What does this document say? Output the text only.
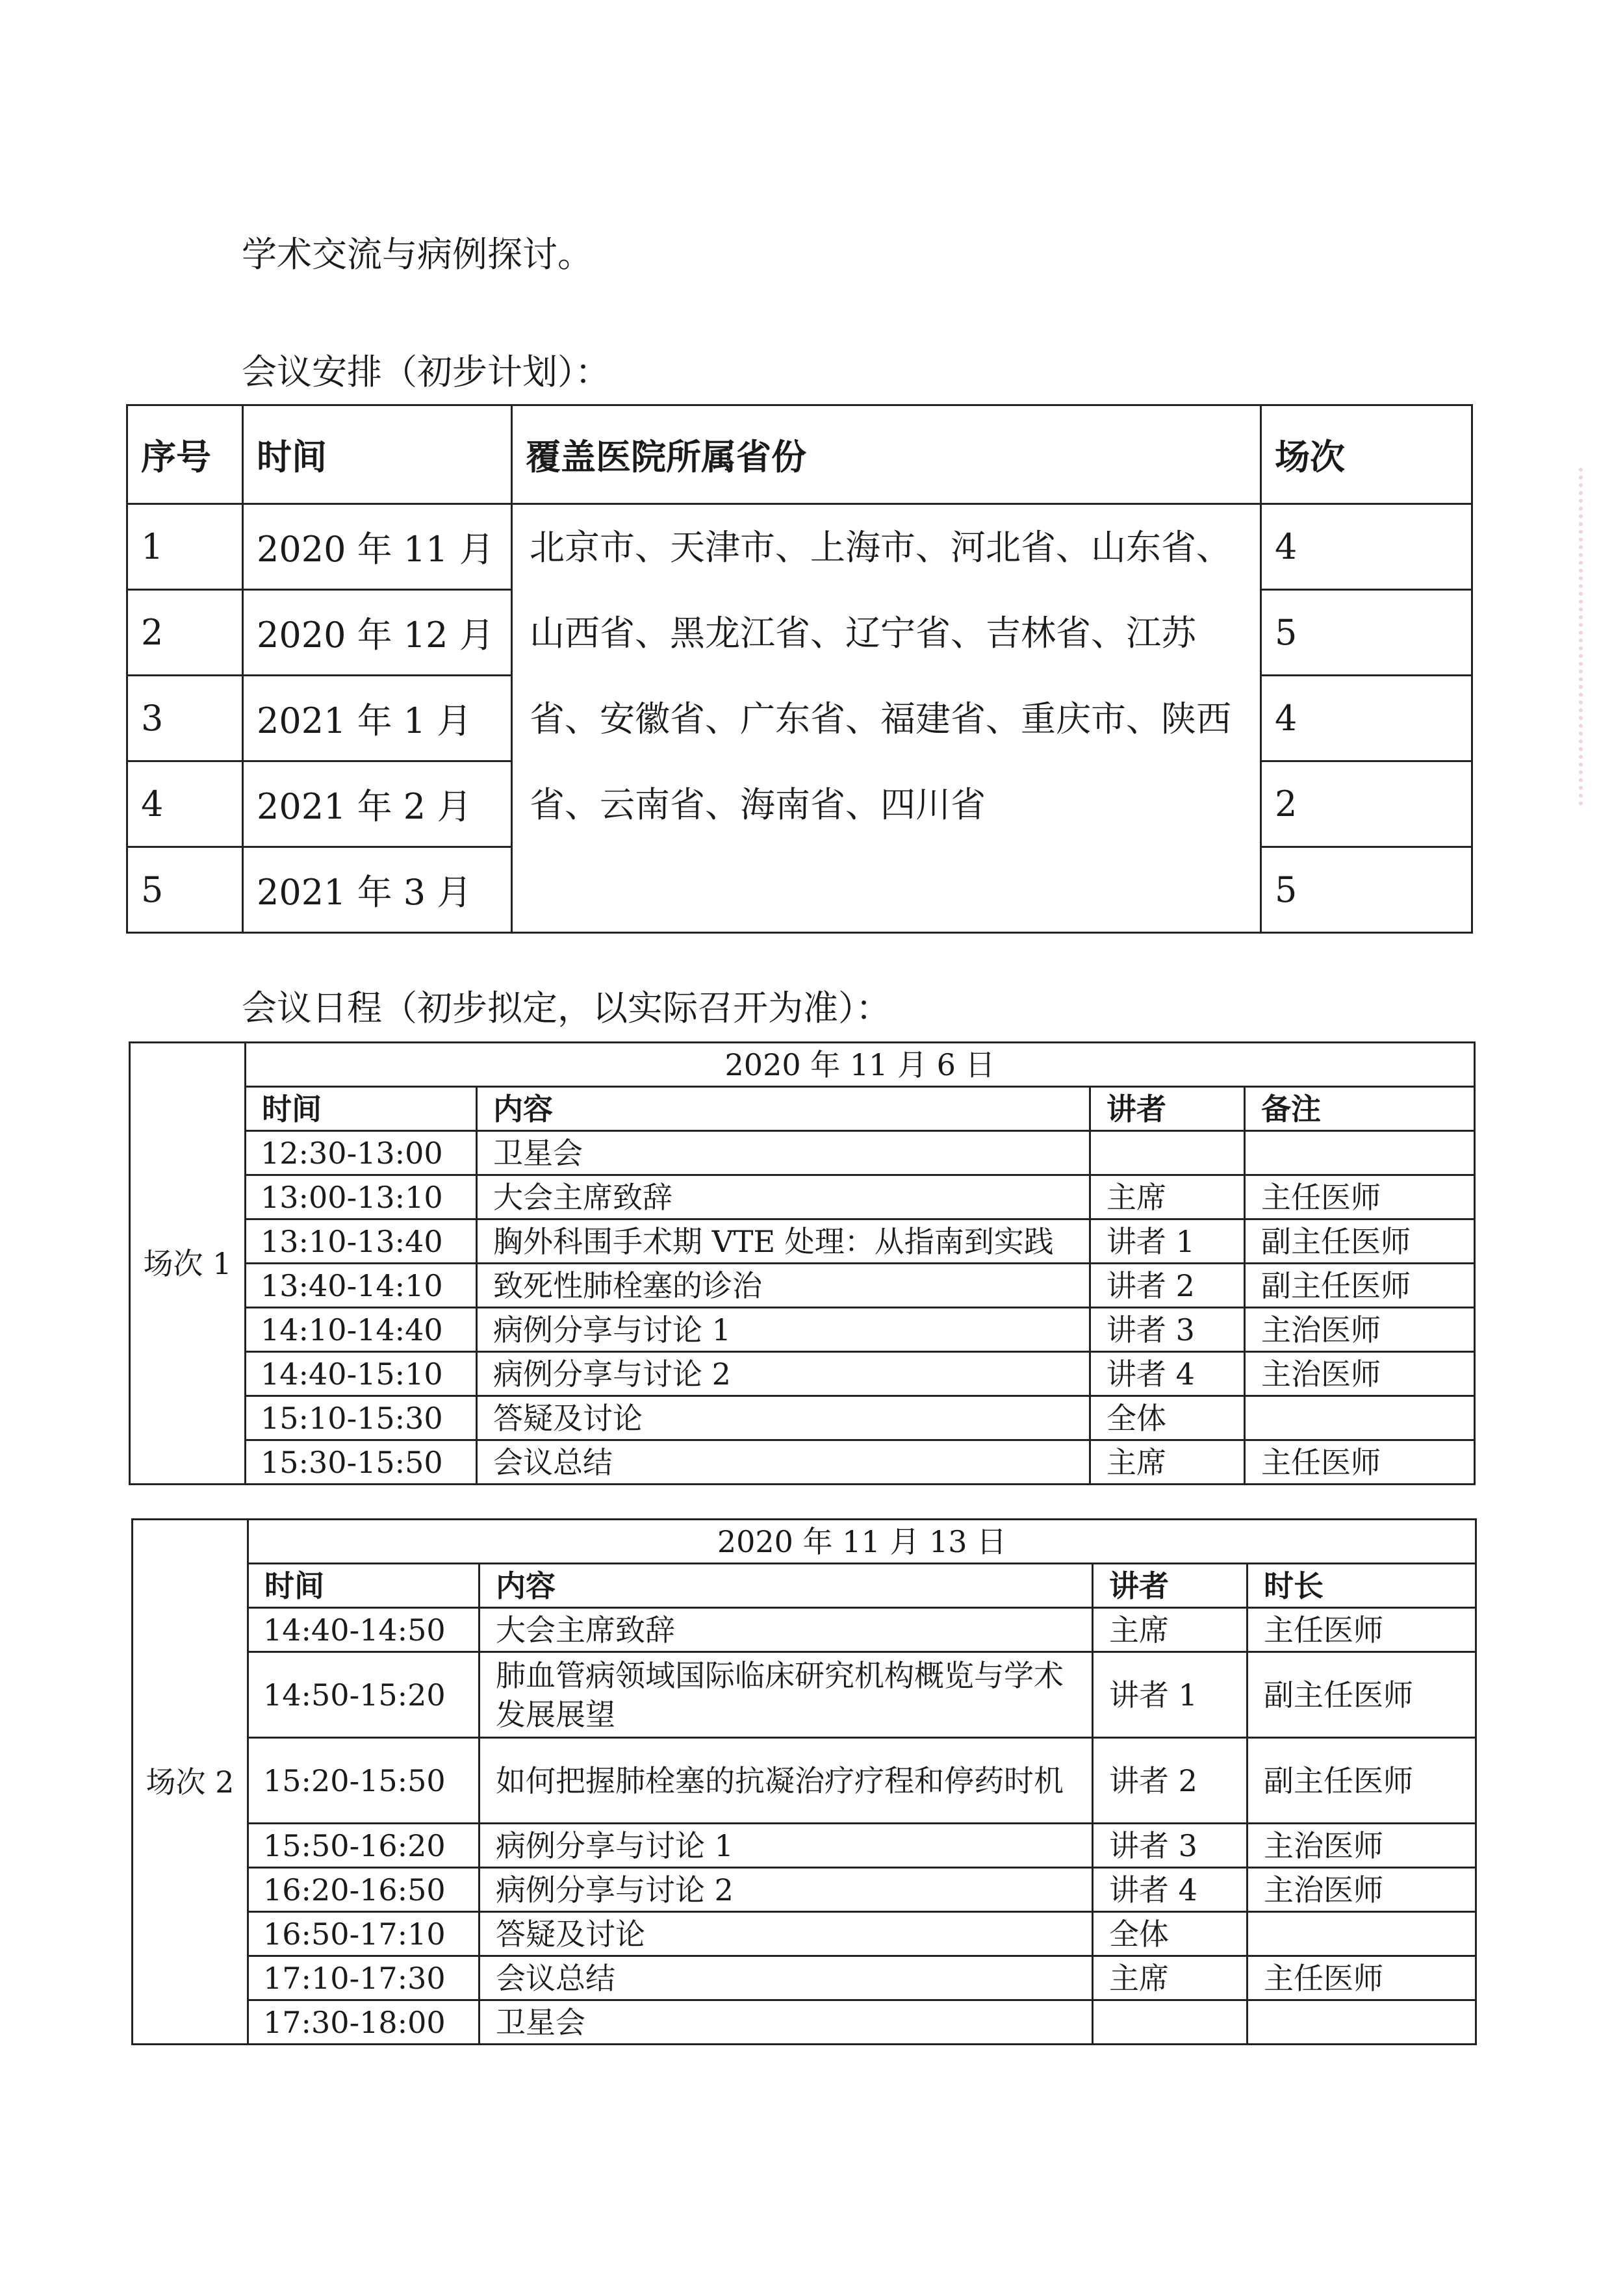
学术交流与病例探讨。
会议安排（初步计划）：
序号	时间	覆盖医院所属省份	场次
1	2020 年 11 月	北京市、天津市、上海市、河北省、山东省、山西省、黑龙江省、辽宁省、吉林省、江苏省、安徽省、广东省、福建省、重庆市、陕西省、云南省、海南省、四川省	4
2	2020 年 12 月		5
3	2021 年 1 月		4
4	2021 年 2 月		2
5	2021 年 3 月		5
会议日程（初步拟定，以实际召开为准）：
场次 1	2020 年 11 月 6 日			
	时间	内容	讲者	备注
	12:30-13:00	卫星会		
	13:00-13:10	大会主席致辞	主席	主任医师
	13:10-13:40	胸外科围手术期 VTE 处理：从指南到实践	讲者 1	副主任医师
	13:40-14:10	致死性肺栓塞的诊治	讲者 2	副主任医师
	14:10-14:40	病例分享与讨论 1	讲者 3	主治医师
	14:40-15:10	病例分享与讨论 2	讲者 4	主治医师
	15:10-15:30	答疑及讨论	全体	
	15:30-15:50	会议总结	主席	主任医师
场次 2	2020 年 11 月 13 日			
	时间	内容	讲者	时长
	14:40-14:50	大会主席致辞	主席	主任医师
	14:50-15:20	肺血管病领域国际临床研究机构概览与学术发展展望	讲者 1	副主任医师
	15:20-15:50	如何把握肺栓塞的抗凝治疗疗程和停药时机	讲者 2	副主任医师
	15:50-16:20	病例分享与讨论 1	讲者 3	主治医师
	16:20-16:50	病例分享与讨论 2	讲者 4	主治医师
	16:50-17:10	答疑及讨论	全体	
	17:10-17:30	会议总结	主席	主任医师
	17:30-18:00	卫星会		
